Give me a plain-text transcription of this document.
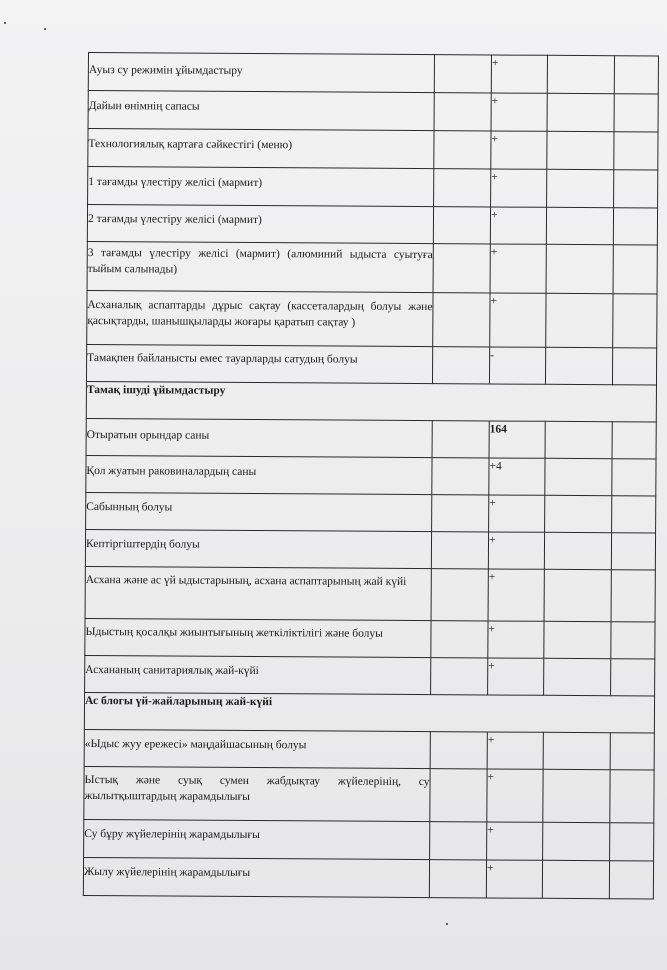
Ауыз су режимін ұйымдастыру		+		

Дайын өнімнің сапасы		+		

Технологиялық картаға сәйкестігі (меню)		+		

1 тағамды үлестіру желісі (мармит)		+		

2 тағамды үлестіру желісі (мармит)		+		

3 тағамды үлестіру желісі (мармит) (алюминий ыдыста суытуға тыйым салынады)		+		

Асханалық аспаптарды дұрыс сақтау (кассеталардың болуы және қасықтарды, шанышқыларды жоғары қаратып сақтау )		+		

Тамақпен байланысты емес тауарларды сатудың болуы		-		
Тамақ ішуді ұйымдастыру				

Отыратын орындар саны		164		

Қол жуатын раковиналардың саны		+4		

Сабынның болуы		+		

Кептіргіштердің болуы		+		

Асхана және ас үй ыдыстарының, асхана аспаптарының жай күйі		+		

Ыдыстың қосалқы жиынтығының жеткіліктілігі және болуы		+		

Асхананың санитариялық жай-күйі		+		
Ас блогы үй-жайларының жай-күйі				

«Ыдыс жуу ережесі» маңдайшасының болуы		+		

Ыстық және суық сумен жабдықтау жүйелерінің, су жылытқыштардың жарамдылығы		+		

Су бұру жүйелерінің жарамдылығы		+		

Жылу жүйелерінің жарамдылығы		+		
